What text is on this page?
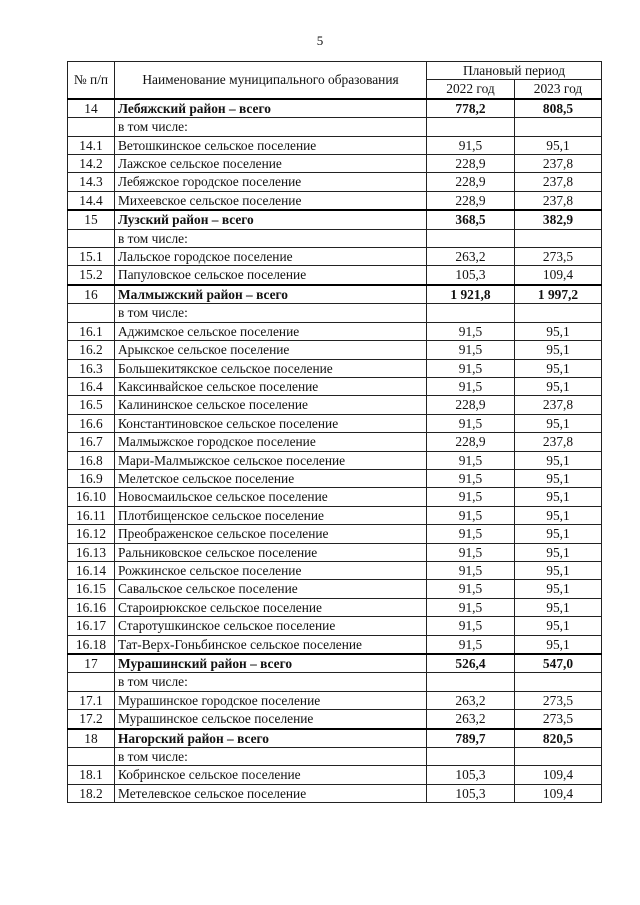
5
№ п/п	Наименование муниципального образования	Плановый период	
		2022 год	2023 год
14	Лебяжский район – всего	778,2	808,5
	в том числе:		
14.1	Ветошкинское сельское поселение	91,5	95,1
14.2	Лажское сельское поселение	228,9	237,8
14.3	Лебяжское городское поселение	228,9	237,8
14.4	Михеевское сельское поселение	228,9	237,8
15	Лузский район – всего	368,5	382,9
	в том числе:		
15.1	Лальское городское поселение	263,2	273,5
15.2	Папуловское сельское поселение	105,3	109,4
16	Малмыжский район – всего	1 921,8	1 997,2
	в том числе:		
16.1	Аджимское сельское поселение	91,5	95,1
16.2	Арыкское сельское поселение	91,5	95,1
16.3	Большекитякское сельское поселение	91,5	95,1
16.4	Каксинвайское сельское поселение	91,5	95,1
16.5	Калининское сельское поселение	228,9	237,8
16.6	Константиновское сельское поселение	91,5	95,1
16.7	Малмыжское городское поселение	228,9	237,8
16.8	Мари-Малмыжское сельское поселение	91,5	95,1
16.9	Мелетское сельское поселение	91,5	95,1
16.10	Новосмаильское сельское поселение	91,5	95,1
16.11	Плотбищенское сельское поселение	91,5	95,1
16.12	Преображенское сельское поселение	91,5	95,1
16.13	Ральниковское сельское поселение	91,5	95,1
16.14	Рожкинское сельское поселение	91,5	95,1
16.15	Савальское сельское поселение	91,5	95,1
16.16	Староирюкское сельское поселение	91,5	95,1
16.17	Старотушкинское сельское поселение	91,5	95,1
16.18	Тат-Верх-Гоньбинское сельское поселение	91,5	95,1
17	Мурашинский район – всего	526,4	547,0
	в том числе:		
17.1	Мурашинское городское поселение	263,2	273,5
17.2	Мурашинское сельское поселение	263,2	273,5
18	Нагорский район – всего	789,7	820,5
	в том числе:		
18.1	Кобринское сельское поселение	105,3	109,4
18.2	Метелевское сельское поселение	105,3	109,4
